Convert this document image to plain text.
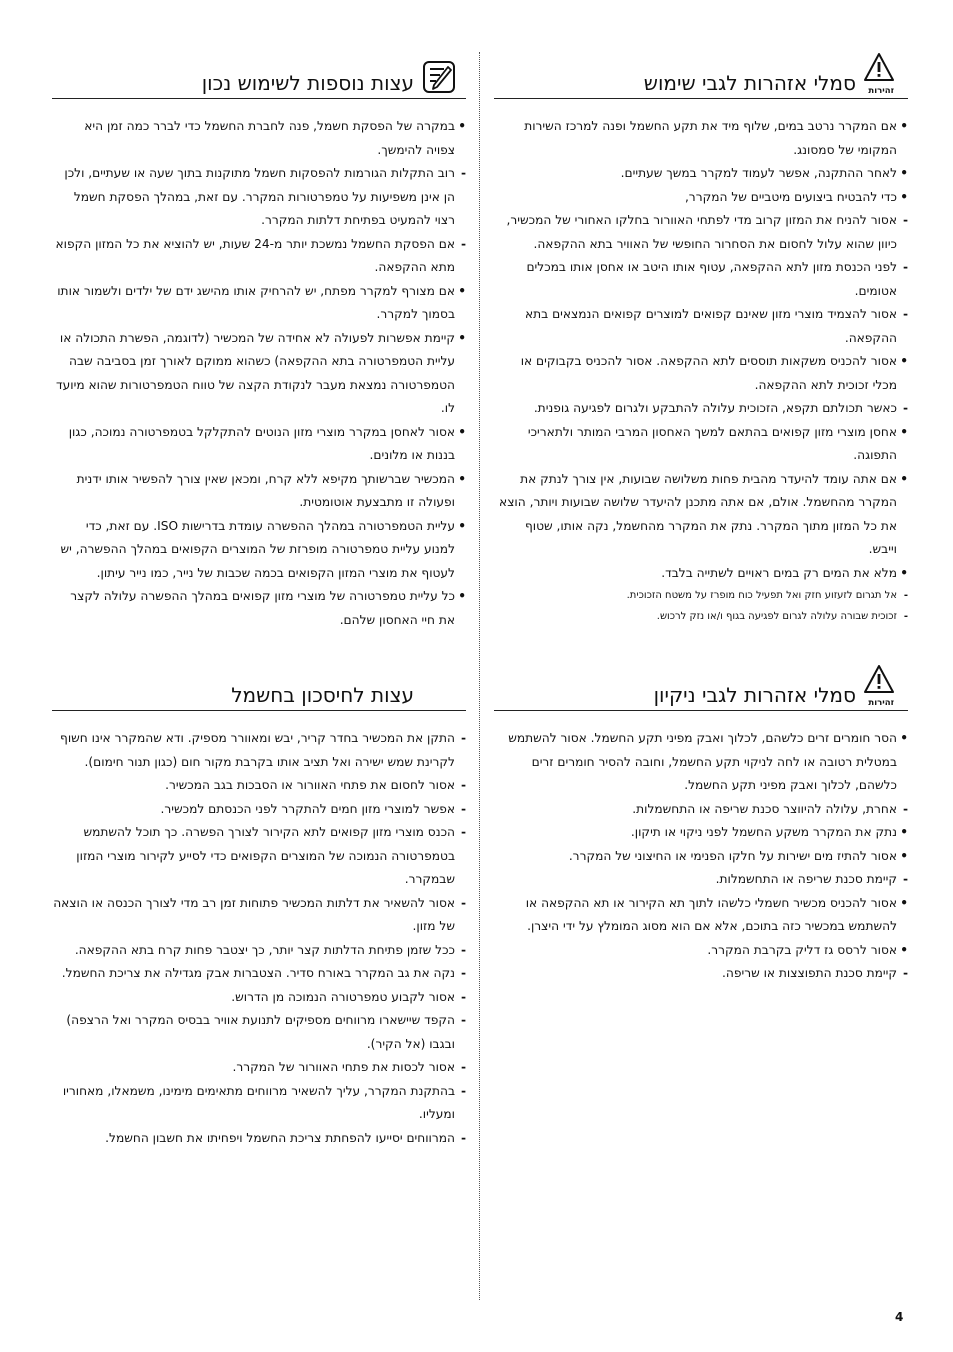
זהירות
סמלי אזהרות לגבי שימוש
•
אם המקרר נרטב במים, שלוף מיד את תקע החשמל ופנה למרכז השירות המקומי של סמסונג.
•
לאחר ההתקנה, אפשר לעמוד למקרר במשך שעתיים.
•
כדי להבטיח ביצועים מיטביים של המקרר,
-
אסור להניח את המזון קרוב מדי לפתחי האוורור בחלקו האחורי של המכשיר, כיוון שהוא עלול לחסום את הסחרור החופשי של האוויר בתא ההקפאה.
-
לפני הכנסת מזון לתא ההקפאה, עטוף אותו היטב או אחסן אותו במכלים אטומים.
-
אסור להצמיד מוצרי מזון שאינם קפואים למוצרים קפואים הנמצאים בתא ההקפאה.
•
אסור להכניס משקאות תוססים לתא ההקפאה. אסור להכניס בקבוקים או מכלי זכוכית לתא ההקפאה.
-
כאשר תכולתם תקפא, הזכוכית עלולה להתבקע ולגרום לפגיעה גופנית.
•
אחסן מוצרי מזון קפואים בהתאם למשך האחסון המרבי המותר ולתאריכי התפוגה.
•
אם אתה עומד להיעדר מהבית פחות משלושה שבועות, אין צורך לנתק את המקרר מהחשמל. אולם, אם אתה מתכנן להיעדר שלושה שבועות ויותר, הוצא את כל המזון מתוך המקרר. נתק את המקרר מהחשמל, נקה אותו, שטוף וייבש.
•
מלא את המים רק במים ראויים לשתייה בלבד.
-
אל תגרום לזעזוע חזק ואל תפעיל כוח מופרז על משטח הזכוכית.
-
זכוכית שבורה עלולה לגרום לפגיעה בגוף ו/או נזק לרכוש.
זהירות
סמלי אזהרות לגבי ניקיון
•
הסר חומרים זרים כלשהם, לכלוך ואבק מפיני תקע החשמל. אסור להשתמש במטלית רטובה או לחה לניקוי תקע החשמל, וחובה להסיר חומרים זרים כלשהם, לכלוך ואבק מפיני תקע החשמל.
-
אחרת, עלולה להיווצר סכנת שריפה או התחשמלות.
•
נתק את המקרר משקע החשמל לפני ניקוי או תיקון.
•
אסור להתיז מים ישירות על חלקו הפנימי או החיצוני של המקרר.
-
קיימת סכנת שריפה או התחשמלות.
•
אסור להכניס מכשיר חשמלי כלשהו לתוך תא הקירור או תא ההקפאה או להשתמש במכשיר כזה בתוכם, אלא אם הוא מסוג המומלץ על ידי היצרן.
•
אסור לרסס גז דליק בקרבת המקרר.
-
קיימת סכנת התפוצצות או שריפה.
עצות נוספות לשימוש נכון
•
במקרה של הפסקת חשמל, פנה לחברת החשמל כדי לברר כמה זמן היא צפויה להימשך.
-
רוב התקלות הגורמות להפסקות חשמל מתוקנות בתוך שעה או שעתיים, ולכן הן אינן משפיעות על טמפרטורות המקרר. עם זאת, במהלך הפסקת חשמל רצוי להמעיט בפתיחת דלתות המקרר.
-
אם הפסקת החשמל נמשכת יותר מ-24 שעות, יש להוציא את כל המזון הקפוא מתא ההקפאה.
•
אם מצורף למקרר מפתח, יש להרחיק אותו מהישג ידם של ילדים ולשמור אותו בסמוך למקרר.
•
קיימת אפשרות לפעולה לא אחידה של המכשיר (לדוגמה, הפשרת התכולה או עליית הטמפרטורה בתא ההקפאה) כשהוא ממוקם לאורך זמן בסביבה שבה הטמפרטורה נמצאת מעבר לנקודת הקצה של טווח הטמפרטורות שהוא מיועד לו.
•
אסור לאחסן במקרר מוצרי מזון הנוטים להתקלקל בטמפרטורה נמוכה, כגון בננות או מלונים.
•
המכשיר שברשותך מקיפא ללא קרח, ומכאן שאין צורך להפשיר אותו ידנית ופעולה זו מתבצעת אוטומטית.
•
עליית הטמפרטורה במהלך ההפשרה עומדת בדרישות ISO. עם זאת, כדי למנוע עליית טמפרטורה מופרזת של המוצרים הקפואים במהלך ההפשרה, יש לעטוף את מוצרי המזון הקפואים בכמה שכבות של נייר, כמו נייר עיתון.
•
כל עליית טמפרטורה של מוצרי מזון קפואים במהלך ההפשרה עלולה לקצר את חיי האחסון שלהם.
עצות לחיסכון בחשמל
-
התקן את המכשיר בחדר קריר, יבש ומאוורר מספיק. ודא שהמקרר אינו חשוף לקרינת שמש ישירה ואל תציב אותו בקרבת מקור חום (כגון תנור חימום).
-
אסור לחסום את פתחי האוורור או הסבכות בגב המכשיר.
-
אפשר למוצרי מזון חמים להתקרר לפני הכנסתם למכשיר.
-
הכנס מוצרי מזון קפואים לתא הקירור לצורך הפשרה. כך תוכל להשתמש בטמפרטורה הנמוכה של המוצרים הקפואים כדי לסייע לקירור מוצרי המזון שבמקרר.
-
אסור להשאיר את דלתות המכשיר פתוחות זמן רב מדי לצורך הכנסה או הוצאה של מזון.
-
ככל שזמן פתיחת הדלתות קצר יותר, כך יצטבר פחות קרח בתא ההקפאה.
-
נקה את גב המקרר באורח סדיר. הצטברות אבק מגדילה את צריכת החשמל.
-
אסור לקבוע טמפרטורה הנמוכה מן הדרוש.
-
הקפד שיישארו מרווחים מספיקים לתנועת אוויר בבסיס המקרר ואל הרצפה) ובגבו (אל הקיר).
-
אסור לכסות את פתחי האוורור של המקרר.
-
בהתקנת המקרר, עליך להשאיר מרווחים מתאימים מימינו, משמאלו, מאחוריו ומעליו.
-
המרווחים יסייעו להפחתת צריכת החשמל ויפחיתו את חשבון החשמל.
4
